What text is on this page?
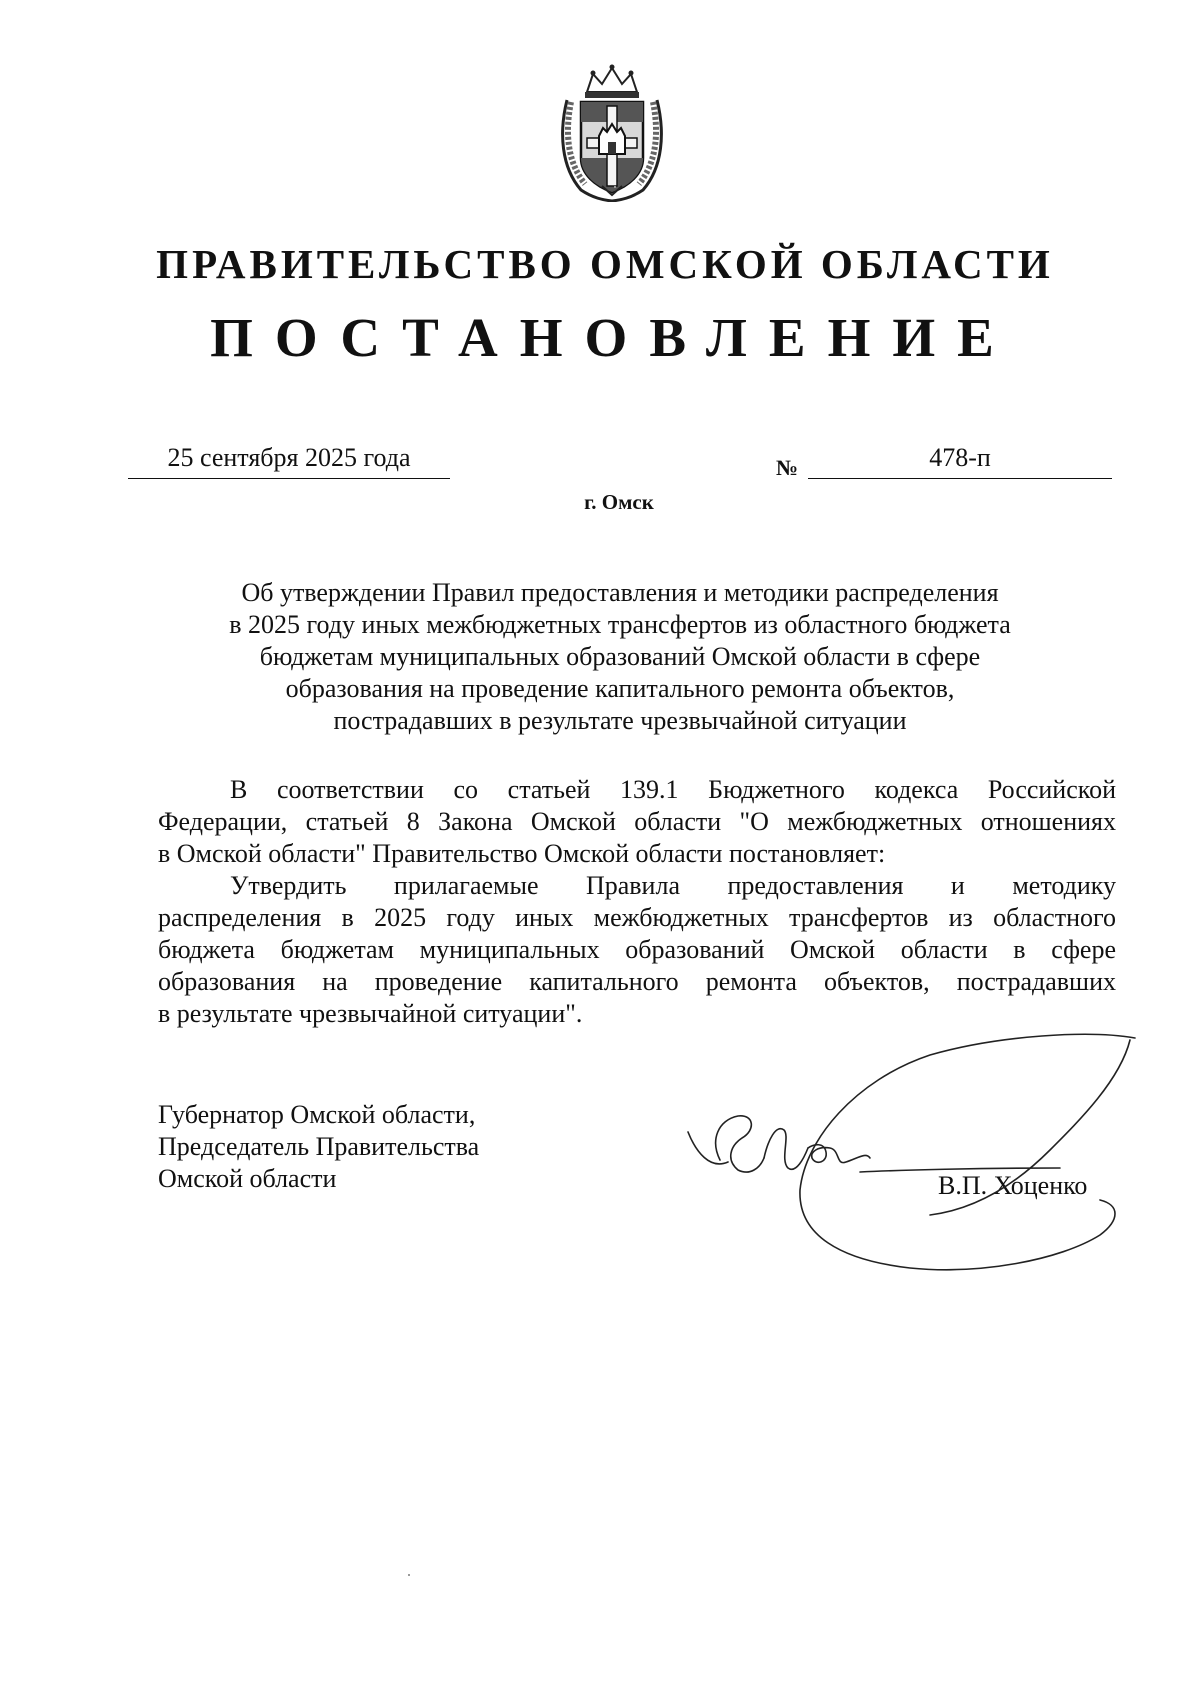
ПРАВИТЕЛЬСТВО ОМСКОЙ ОБЛАСТИ
ПОСТАНОВЛЕНИЕ
25 сентября 2025 года	№	478-п
г. Омск
Об утверждении Правил предоставления и методики распределения
в 2025 году иных межбюджетных трансфертов из областного бюджета
бюджетам муниципальных образований Омской области в сфере
образования на проведение капитального ремонта объектов,
пострадавших в результате чрезвычайной ситуации
В соответствии со статьей 139.1 Бюджетного кодекса Российской
Федерации, статьей 8 Закона Омской области "О межбюджетных отношениях
в Омской области" Правительство Омской области постановляет:
Утвердить прилагаемые Правила предоставления и методику
распределения в 2025 году иных межбюджетных трансфертов из областного
бюджета бюджетам муниципальных образований Омской области в сфере
образования на проведение капитального ремонта объектов, пострадавших
в результате чрезвычайной ситуации".
Губернатор Омской области,
Председатель Правительства
Омской области	В.П. Хоценко
